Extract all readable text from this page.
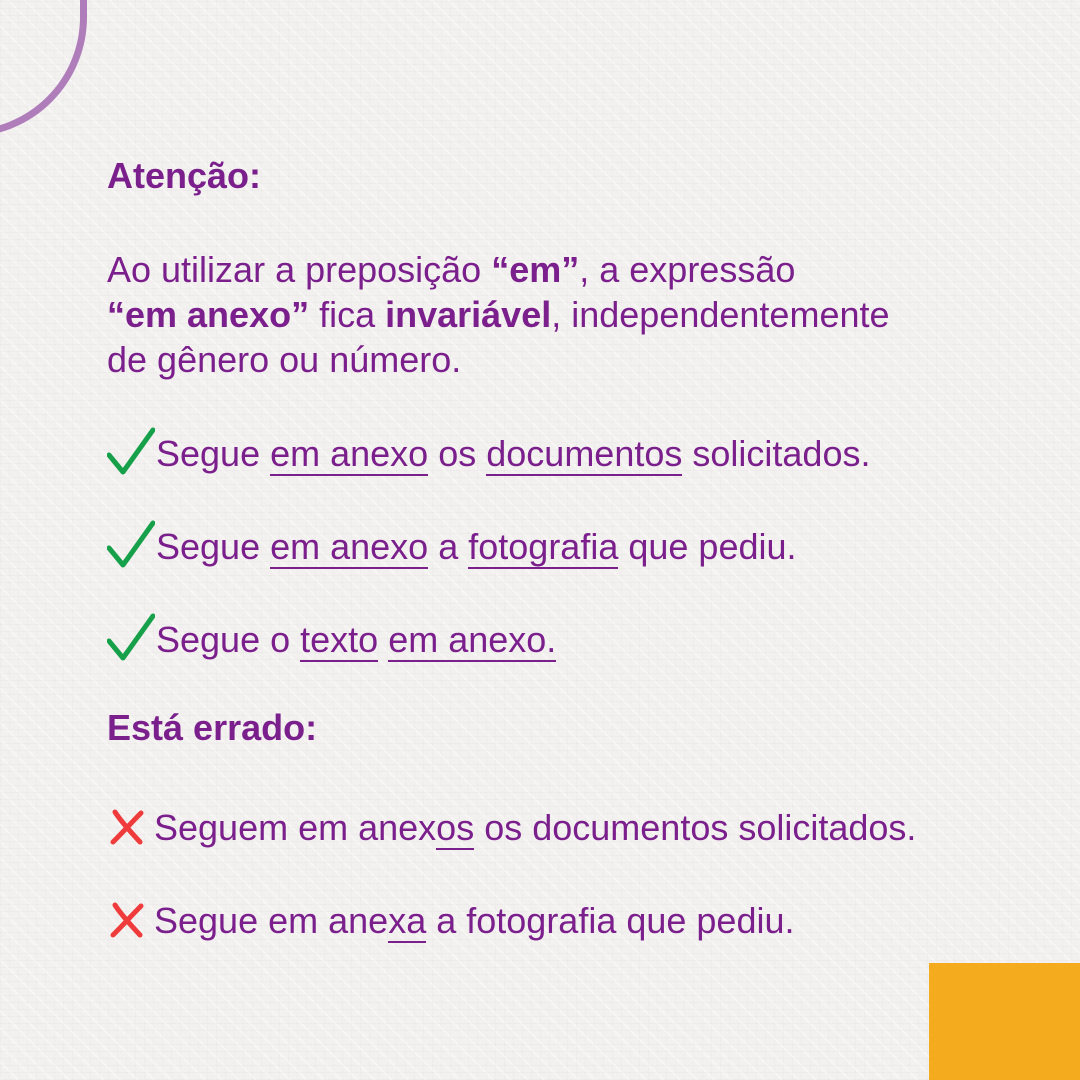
Atenção:
Ao utilizar a preposição “em”, a expressão
“em anexo” fica invariável, independentemente
de gênero ou número.
Segue em anexo os documentos solicitados.
Segue em anexo a fotografia que pediu.
Segue o texto em anexo.
Está errado:
Seguem em anexos os documentos solicitados.
Segue em anexa a fotografia que pediu.
